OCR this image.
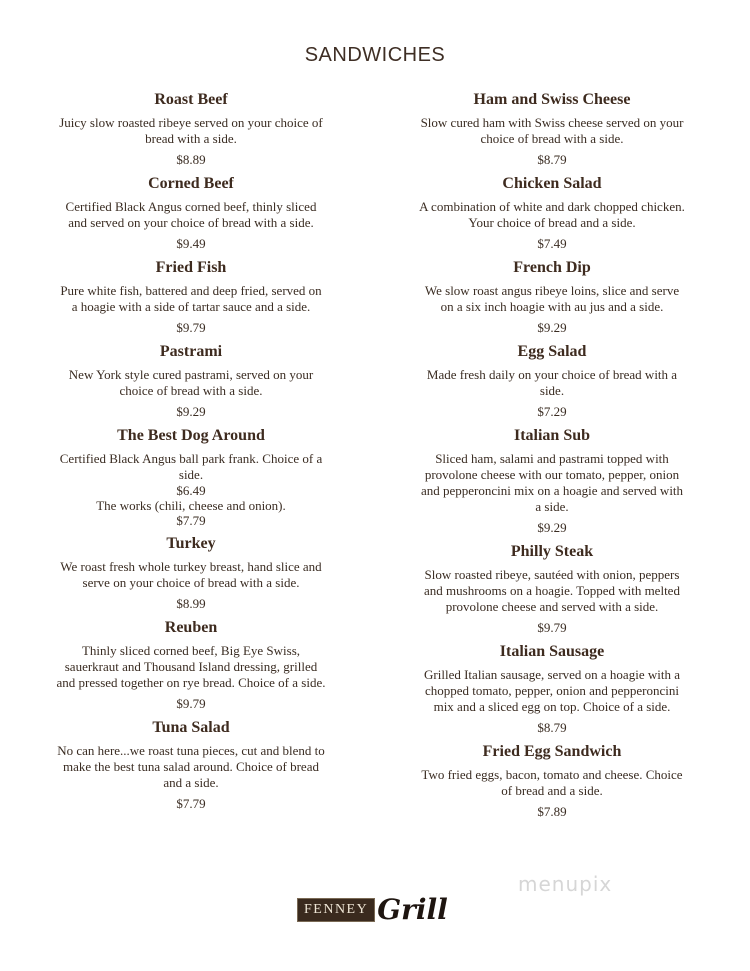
SANDWICHES

Roast Beef

Juicy slow roasted ribeye served on your choice of bread with a side.

$8.89

Corned Beef

Certified Black Angus corned beef, thinly sliced and served on your choice of bread with a side.

$9.49

Fried Fish

Pure white fish, battered and deep fried, served on a hoagie with a side of tartar sauce and a side.

$9.79

Pastrami

New York style cured pastrami, served on your choice of bread with a side.

$9.29

The Best Dog Around

Certified Black Angus ball park frank. Choice of a side.

$6.49

The works (chili, cheese and onion).

$7.79

Turkey

We roast fresh whole turkey breast, hand slice and serve on your choice of bread with a side.

$8.99

Reuben

Thinly sliced corned beef, Big Eye Swiss, sauerkraut and Thousand Island dressing, grilled and pressed together on rye bread. Choice of a side.

$9.79

Tuna Salad

No can here...we roast tuna pieces, cut and blend to make the best tuna salad around. Choice of bread and a side.

$7.79

Ham and Swiss Cheese

Slow cured ham with Swiss cheese served on your choice of bread with a side.

$8.79

Chicken Salad

A combination of white and dark chopped chicken. Your choice of bread and a side.

$7.49

French Dip

We slow roast angus ribeye loins, slice and serve on a six inch hoagie with au jus and a side.

$9.29

Egg Salad

Made fresh daily on your choice of bread with a side.

$7.29

Italian Sub

Sliced ham, salami and pastrami topped with provolone cheese with our tomato, pepper, onion and pepperoncini mix on a hoagie and served with a side.

$9.29

Philly Steak

Slow roasted ribeye, sautéed with onion, peppers and mushrooms on a hoagie. Topped with melted provolone cheese and served with a side.

$9.79

Italian Sausage

Grilled Italian sausage, served on a hoagie with a chopped tomato, pepper, onion and pepperoncini mix and a sliced egg on top. Choice of a side.

$8.79

Fried Egg Sandwich

Two fried eggs, bacon, tomato and cheese. Choice of bread and a side.

$7.89

menupix
FENNEY Grill
